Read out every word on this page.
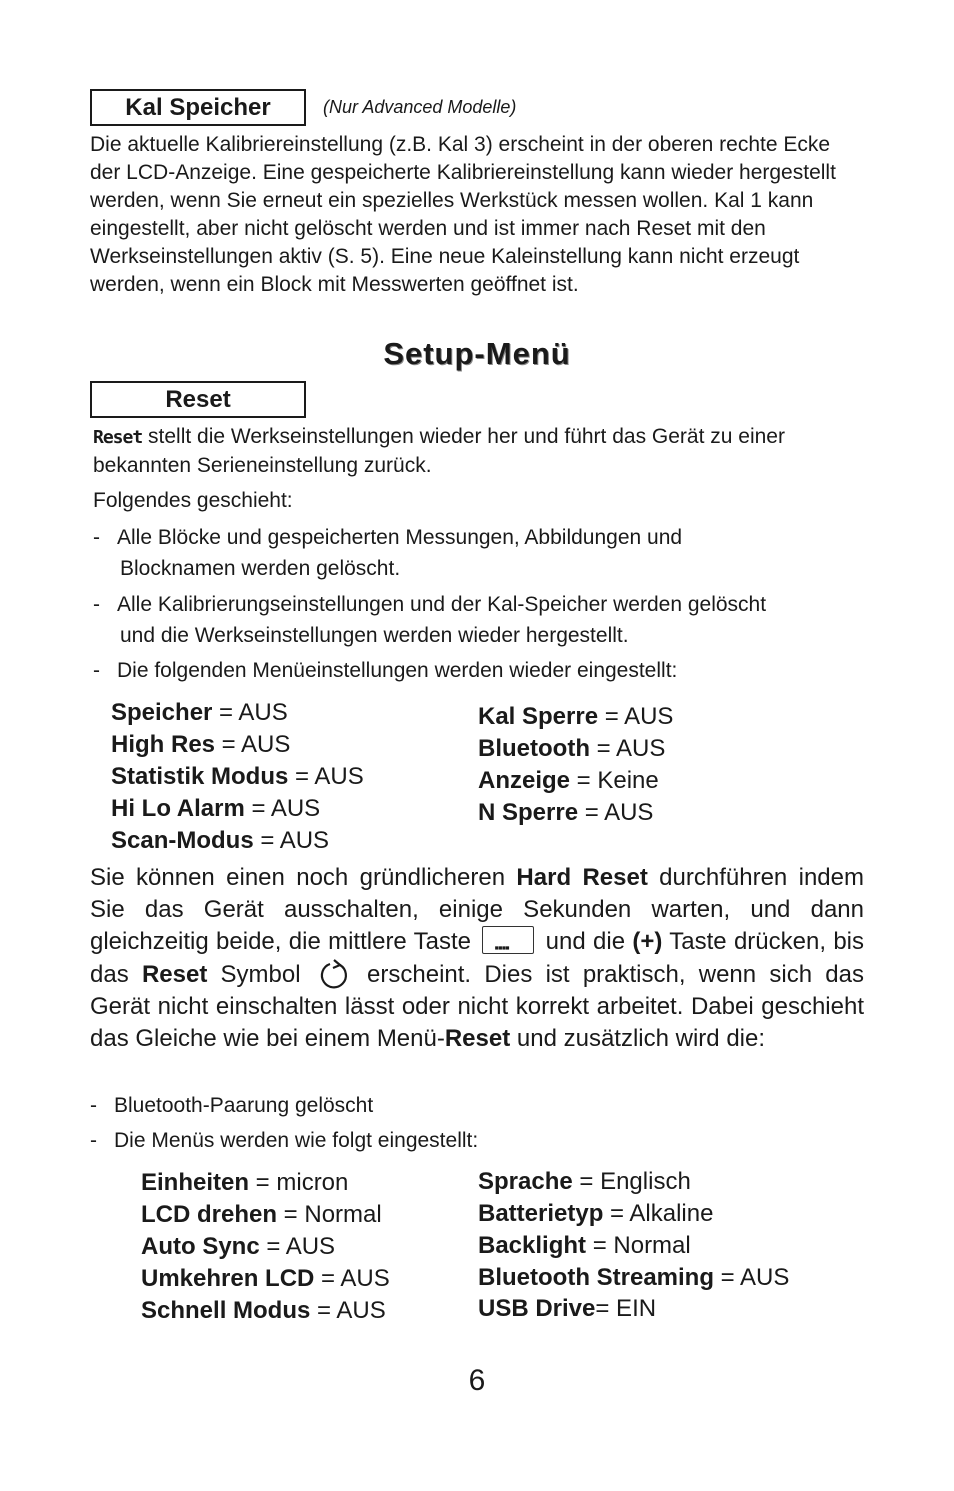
Kal Speicher	(Nur Advanced Modelle)
Die aktuelle Kalibriereinstellung (z.B. Kal 3) erscheint in der oberen rechte Ecke der LCD-Anzeige. Eine gespeicherte Kalibriereinstellung kann wieder hergestellt werden, wenn Sie erneut ein spezielles Werkstück messen wollen. Kal 1 kann eingestellt, aber nicht gelöscht werden und ist immer nach Reset mit den Werkseinstellungen aktiv (S. 5). Eine neue Kaleinstellung kann nicht erzeugt werden, wenn ein Block mit Messwerten geöffnet ist.
Setup-Menü
Reset
Reset stellt die Werkseinstellungen wieder her und führt das Gerät zu einer bekannten Serieneinstellung zurück.
Folgendes geschieht:
- Alle Blöcke und gespeicherten Messungen, Abbildungen und
Blocknamen werden gelöscht.
- Alle Kalibrierungseinstellungen und der Kal-Speicher werden gelöscht
und die Werkseinstellungen werden wieder hergestellt.
- Die folgenden Menüeinstellungen werden wieder eingestellt:
Speicher = AUS
High Res = AUS
Statistik Modus = AUS
Hi Lo Alarm = AUS
Scan-Modus = AUS
Kal Sperre = AUS
Bluetooth = AUS
Anzeige = Keine
N Sperre = AUS
Sie können einen noch gründlicheren Hard Reset durchführen indem Sie das Gerät ausschalten, einige Sekunden warten, und dann gleichzeitig beide, die mittlere Taste ▪▪▪▪ und die (+) Taste drücken, bis das Reset Symbol  erscheint. Dies ist praktisch, wenn sich das Gerät nicht einschalten lässt oder nicht korrekt arbeitet. Dabei geschieht das Gleiche wie bei einem Menü-Reset und zusätzlich wird die:
- Bluetooth-Paarung gelöscht
- Die Menüs werden wie folgt eingestellt:
Einheiten = micron
LCD drehen = Normal
Auto Sync = AUS
Umkehren LCD = AUS
Schnell Modus = AUS
Sprache = Englisch
Batterietyp = Alkaline
Backlight = Normal
Bluetooth Streaming = AUS
USB Drive= EIN
6
